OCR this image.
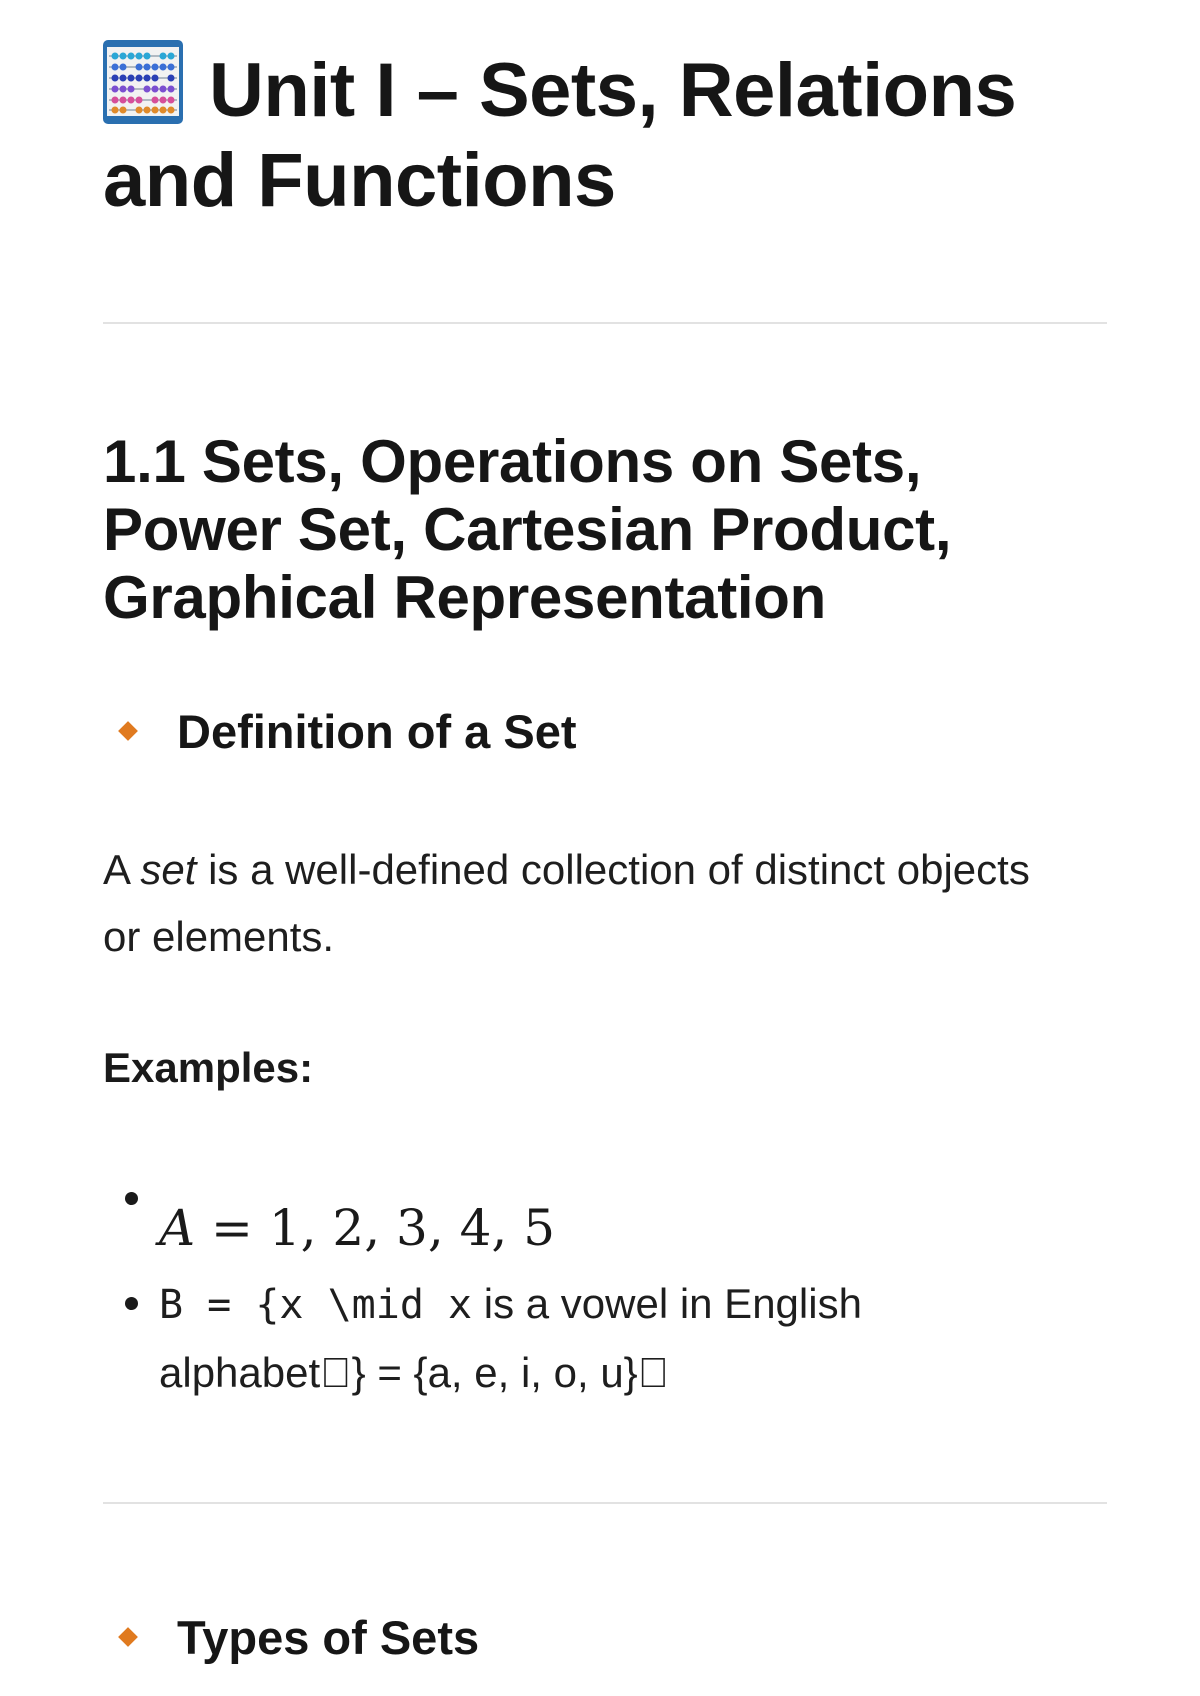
Unit I – Sets, Relations
and Functions
1.1 Sets, Operations on Sets, Power Set, Cartesian Product, Graphical Representation
Definition of a Set

A set is a well-defined collection of distinct objects or elements.

Examples:

A = 1, 2, 3, 4, 5

B = {x \mid x is a vowel in English alphabet } = {a, e, i, o, u} 

Types of Sets
